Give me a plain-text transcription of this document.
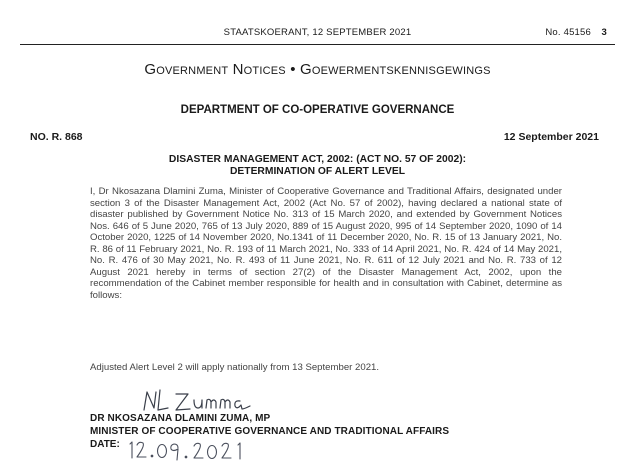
STAATSKOERANT, 12 SEPTEMBER 2021	No. 45156 3
Government Notices • Goewermentskennisgewings
DEPARTMENT OF CO-OPERATIVE GOVERNANCE
NO. R. 868	12 September 2021
DISASTER MANAGEMENT ACT, 2002: (ACT NO. 57 OF 2002):
DETERMINATION OF ALERT LEVEL
I, Dr Nkosazana Dlamini Zuma, Minister of Cooperative Governance and Traditional Affairs, designated under section 3 of the Disaster Management Act, 2002 (Act No. 57 of 2002), having declared a national state of disaster published by Government Notice No. 313 of 15 March 2020, and extended by Government Notices Nos. 646 of 5 June 2020, 765 of 13 July 2020, 889 of 15 August 2020, 995 of 14 September 2020, 1090 of 14 October 2020, 1225 of 14 November 2020, No.1341 of 11 December 2020, No. R. 15 of 13 January 2021, No. R. 86 of 11 February 2021, No. R. 193 of 11 March 2021, No. 333 of 14 April 2021, No. R. 424 of 14 May 2021, No. R. 476 of 30 May 2021, No. R. 493 of 11 June 2021, No. R. 611 of 12 July 2021 and No. R. 733 of 12 August 2021 hereby in terms of section 27(2) of the Disaster Management Act, 2002, upon the recommendation of the Cabinet member responsible for health and in consultation with Cabinet, determine as follows:
Adjusted Alert Level 2 will apply nationally from 13 September 2021.
DR NKOSAZANA DLAMINI ZUMA, MP
MINISTER OF COOPERATIVE GOVERNANCE AND TRADITIONAL AFFAIRS
DATE:
